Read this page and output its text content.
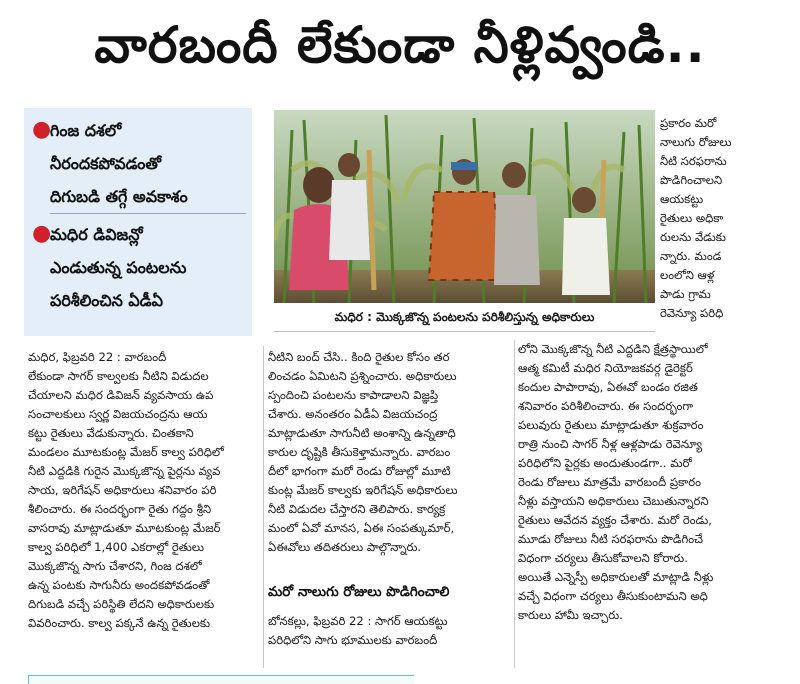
వారబందీ లేకుండా నీళ్లివ్వండి..
●
గింజ దశలో
నీరందకపోవడంతో
దిగుబడి తగ్గే అవకాశం
●
మధిర డివిజన్లో
ఎండుతున్న పంటలను
పరిశీలించిన ఏడీఏ
మధిర : మొక్కజొన్న పంటలను పరిశీలిస్తున్న అధికారులు
ప్రకారం మరో
నాలుగు రోజులు
నీటి సరఫరాను
పొడిగించాలని
ఆయకట్టు
రైతులు అధికా
రులను వేడుకు
న్నారు. మండ
లంలోని ఆళ్ల
పాడు గ్రామ
రెవెన్యూ పరిధి
మధిర, ఫిబ్రవరి 22 : వారబందీ
లేకుండా సాగర్ కాల్వలకు నీటిని విడుదల
చేయాలని మధిర డివిజన్ వ్యవసాయ ఉప
సంచాలకులు స్వర్ణ విజయచంద్రను ఆయ
కట్టు రైతులు వేడుకున్నారు. చింతకాని
మండలం మూటకుంట్ల మేజర్ కాల్వ పరిధిలో
నీటి ఎద్దడికి గురైన మొక్కజొన్న పైర్లను వ్యవ
సాయ, ఇరిగేషన్ అధికారులు శనివారం పరి
శీలించారు. ఈ సందర్భంగా రైతు గద్దం శ్రీని
వాసరావు మాట్లాడుతూ మూటకుంట్ల మేజర్
కాల్వ పరిధిలో 1,400 ఎకరాల్లో రైతులు
మొక్కజొన్న సాగు చేశారని, గింజ దశలో
ఉన్న పంటకు సాగునీరు అందకపోవడంతో
దిగుబడి వచ్చే పరిస్థితి లేదని అధికారులకు
వివరించారు. కాల్వ పక్కనే ఉన్న రైతులకు
నీటిని బంద్ చేసి.. కింది రైతుల కోసం తర
లించడం ఏమిటని ప్రశ్నించారు. అధికారులు
స్పందించి పంటలను కాపాడాలని విజ్ఞప్తి
చేశారు. అనంతరం ఏడీఏ విజయచంద్ర
మాట్లాడుతూ సాగునీటి అంశాన్ని ఉన్నతాధి
కారుల దృష్టికి తీసుకెళ్తామన్నారు. వారబం
దీలో భాగంగా మరో రెండు రోజుల్లో మూటి
కుంట్ల మేజర్ కాల్వకు ఇరిగేషన్ అధికారులు
నీటి విడుదల చేస్తారని తెలిపారు. కార్యక్ర
మంలో ఏవో మానస, ఏఈ సంపత్కుమార్,
ఏఈవోలు తదితరులు పాల్గొన్నారు.
మరో నాలుగు రోజులు పొడిగించాలి
బోనకల్లు, ఫిబ్రవరి 22 : సాగర్ ఆయకట్టు
పరిధిలోని సాగు భూములకు వారబందీ
లోని మొక్కజొన్న నీటి ఎద్దడిని క్షేత్రస్థాయిలో
ఆత్మ కమిటీ మధిర నియోజకవర్గ డైరెక్టర్
కందుల పాపారావు, ఏఈవో బండం రజిత
శనివారం పరిశీలించారు. ఈ సందర్భంగా
పలువురు రైతులు మాట్లాడుతూ శుక్రవారం
రాత్రి నుంచి సాగర్ నీళ్ల ఆళ్లపాడు రెవెన్యూ
పరిధిలోని పైర్లకు అందుతుండగా.. మరో
రెండు రోజులు మాత్రమే వారబందీ ప్రకారం
నీళ్లు వస్తాయని అధికారులు చెబుతున్నారని
రైతులు ఆవేదన వ్యక్తం చేశారు. మరో రెండు,
మూడు రోజులు నీటి సరఫరాను పొడిగించే
విధంగా చర్యలు తీసుకోవాలని కోరారు.
అయితే ఎన్నెస్పీ అధికారులతో మాట్లాడి నీళ్లు
వచ్చే విధంగా చర్యలు తీసుకుంటామని అధి
కారులు హామీ ఇచ్చారు.
